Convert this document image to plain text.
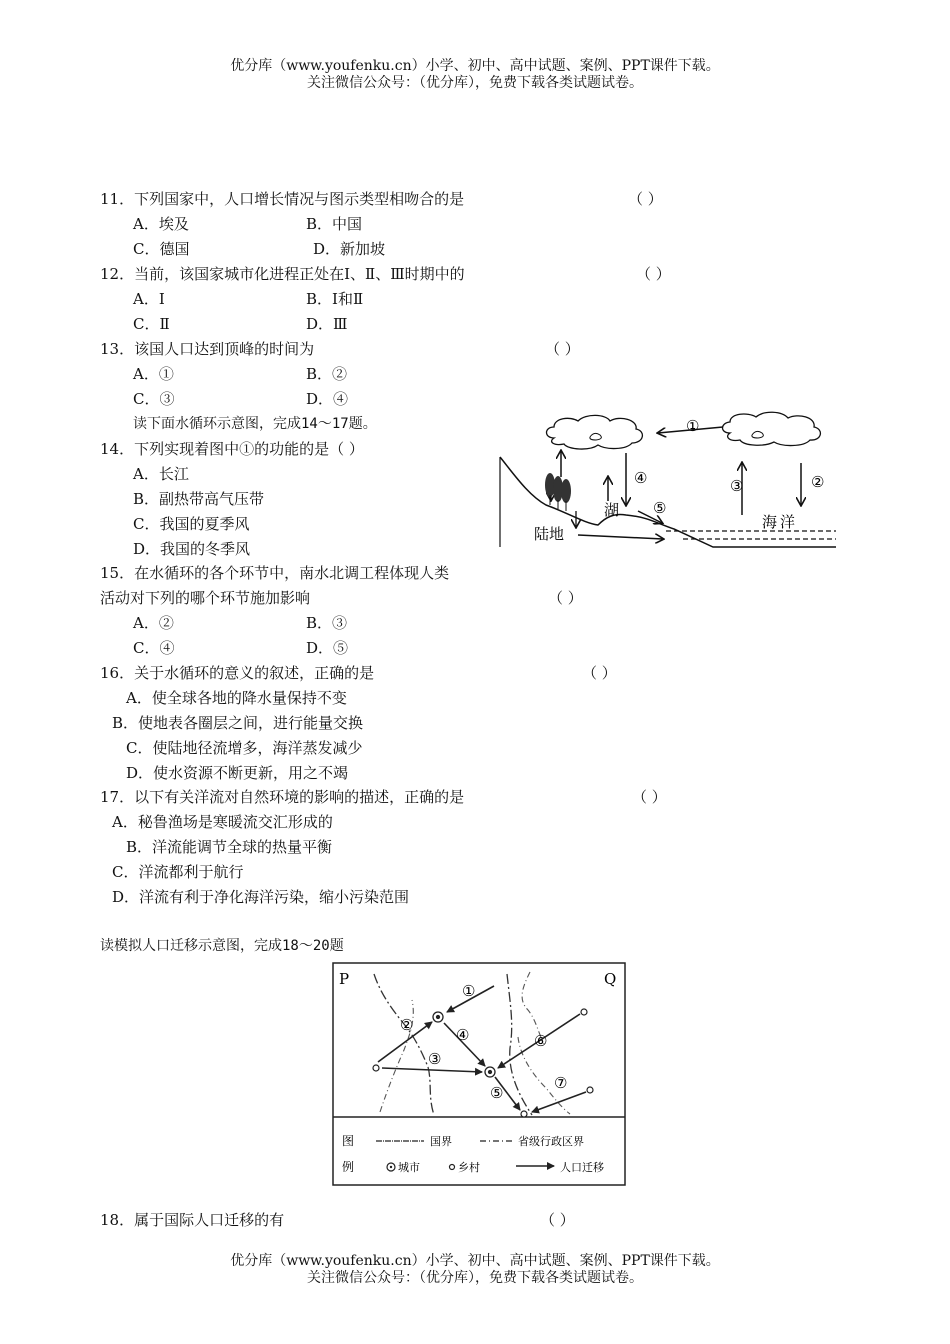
优分库（www.youfenku.cn）小学、初中、高中试题、案例、PPT课件下载。
关注微信公众号：（优分库），免费下载各类试题试卷。
11．下列国家中，人口增长情况与图示类型相吻合的是	（ ）
A．埃及	B．中国
C．德国	D．新加坡
12．当前，该国家城市化进程正处在Ⅰ、Ⅱ、Ⅲ时期中的	（ ）
A．Ⅰ	B．Ⅰ和Ⅱ
C．Ⅱ	D．Ⅲ
13．该国人口达到顶峰的时间为	（ ）
A．①	B．②
C．③	D．④
读下面水循环示意图，完成14～17题。
14．下列实现着图中①的功能的是（ ）
A．长江
B．副热带高气压带
C．我国的夏季风
D．我国的冬季风
15．在水循环的各个环节中，南水北调工程体现人类
活动对下列的哪个环节施加影响	（ ）
A．②	B．③
C．④	D．⑤
16．关于水循环的意义的叙述，正确的是	（ ）
A．使全球各地的降水量保持不变
B．使地表各圈层之间，进行能量交换
C．使陆地径流增多，海洋蒸发减少
D．使水资源不断更新，用之不竭
17．以下有关洋流对自然环境的影响的描述，正确的是	（ ）
A．秘鲁渔场是寒暖流交汇形成的
B．洋流能调节全球的热量平衡
C．洋流都利于航行
D．洋流有利于净化海洋污染，缩小污染范围
读模拟人口迁移示意图，完成18～20题
18．属于国际人口迁移的有	（ ）
①
②
③
④
湖 ⑤
陆地
海洋
P	Q
①
②
③
④
⑤
⑥
⑦
图
例
国界	省级行政区界
城市	乡村	人口迁移
优分库（www.youfenku.cn）小学、初中、高中试题、案例、PPT课件下载。
关注微信公众号：（优分库），免费下载各类试题试卷。
